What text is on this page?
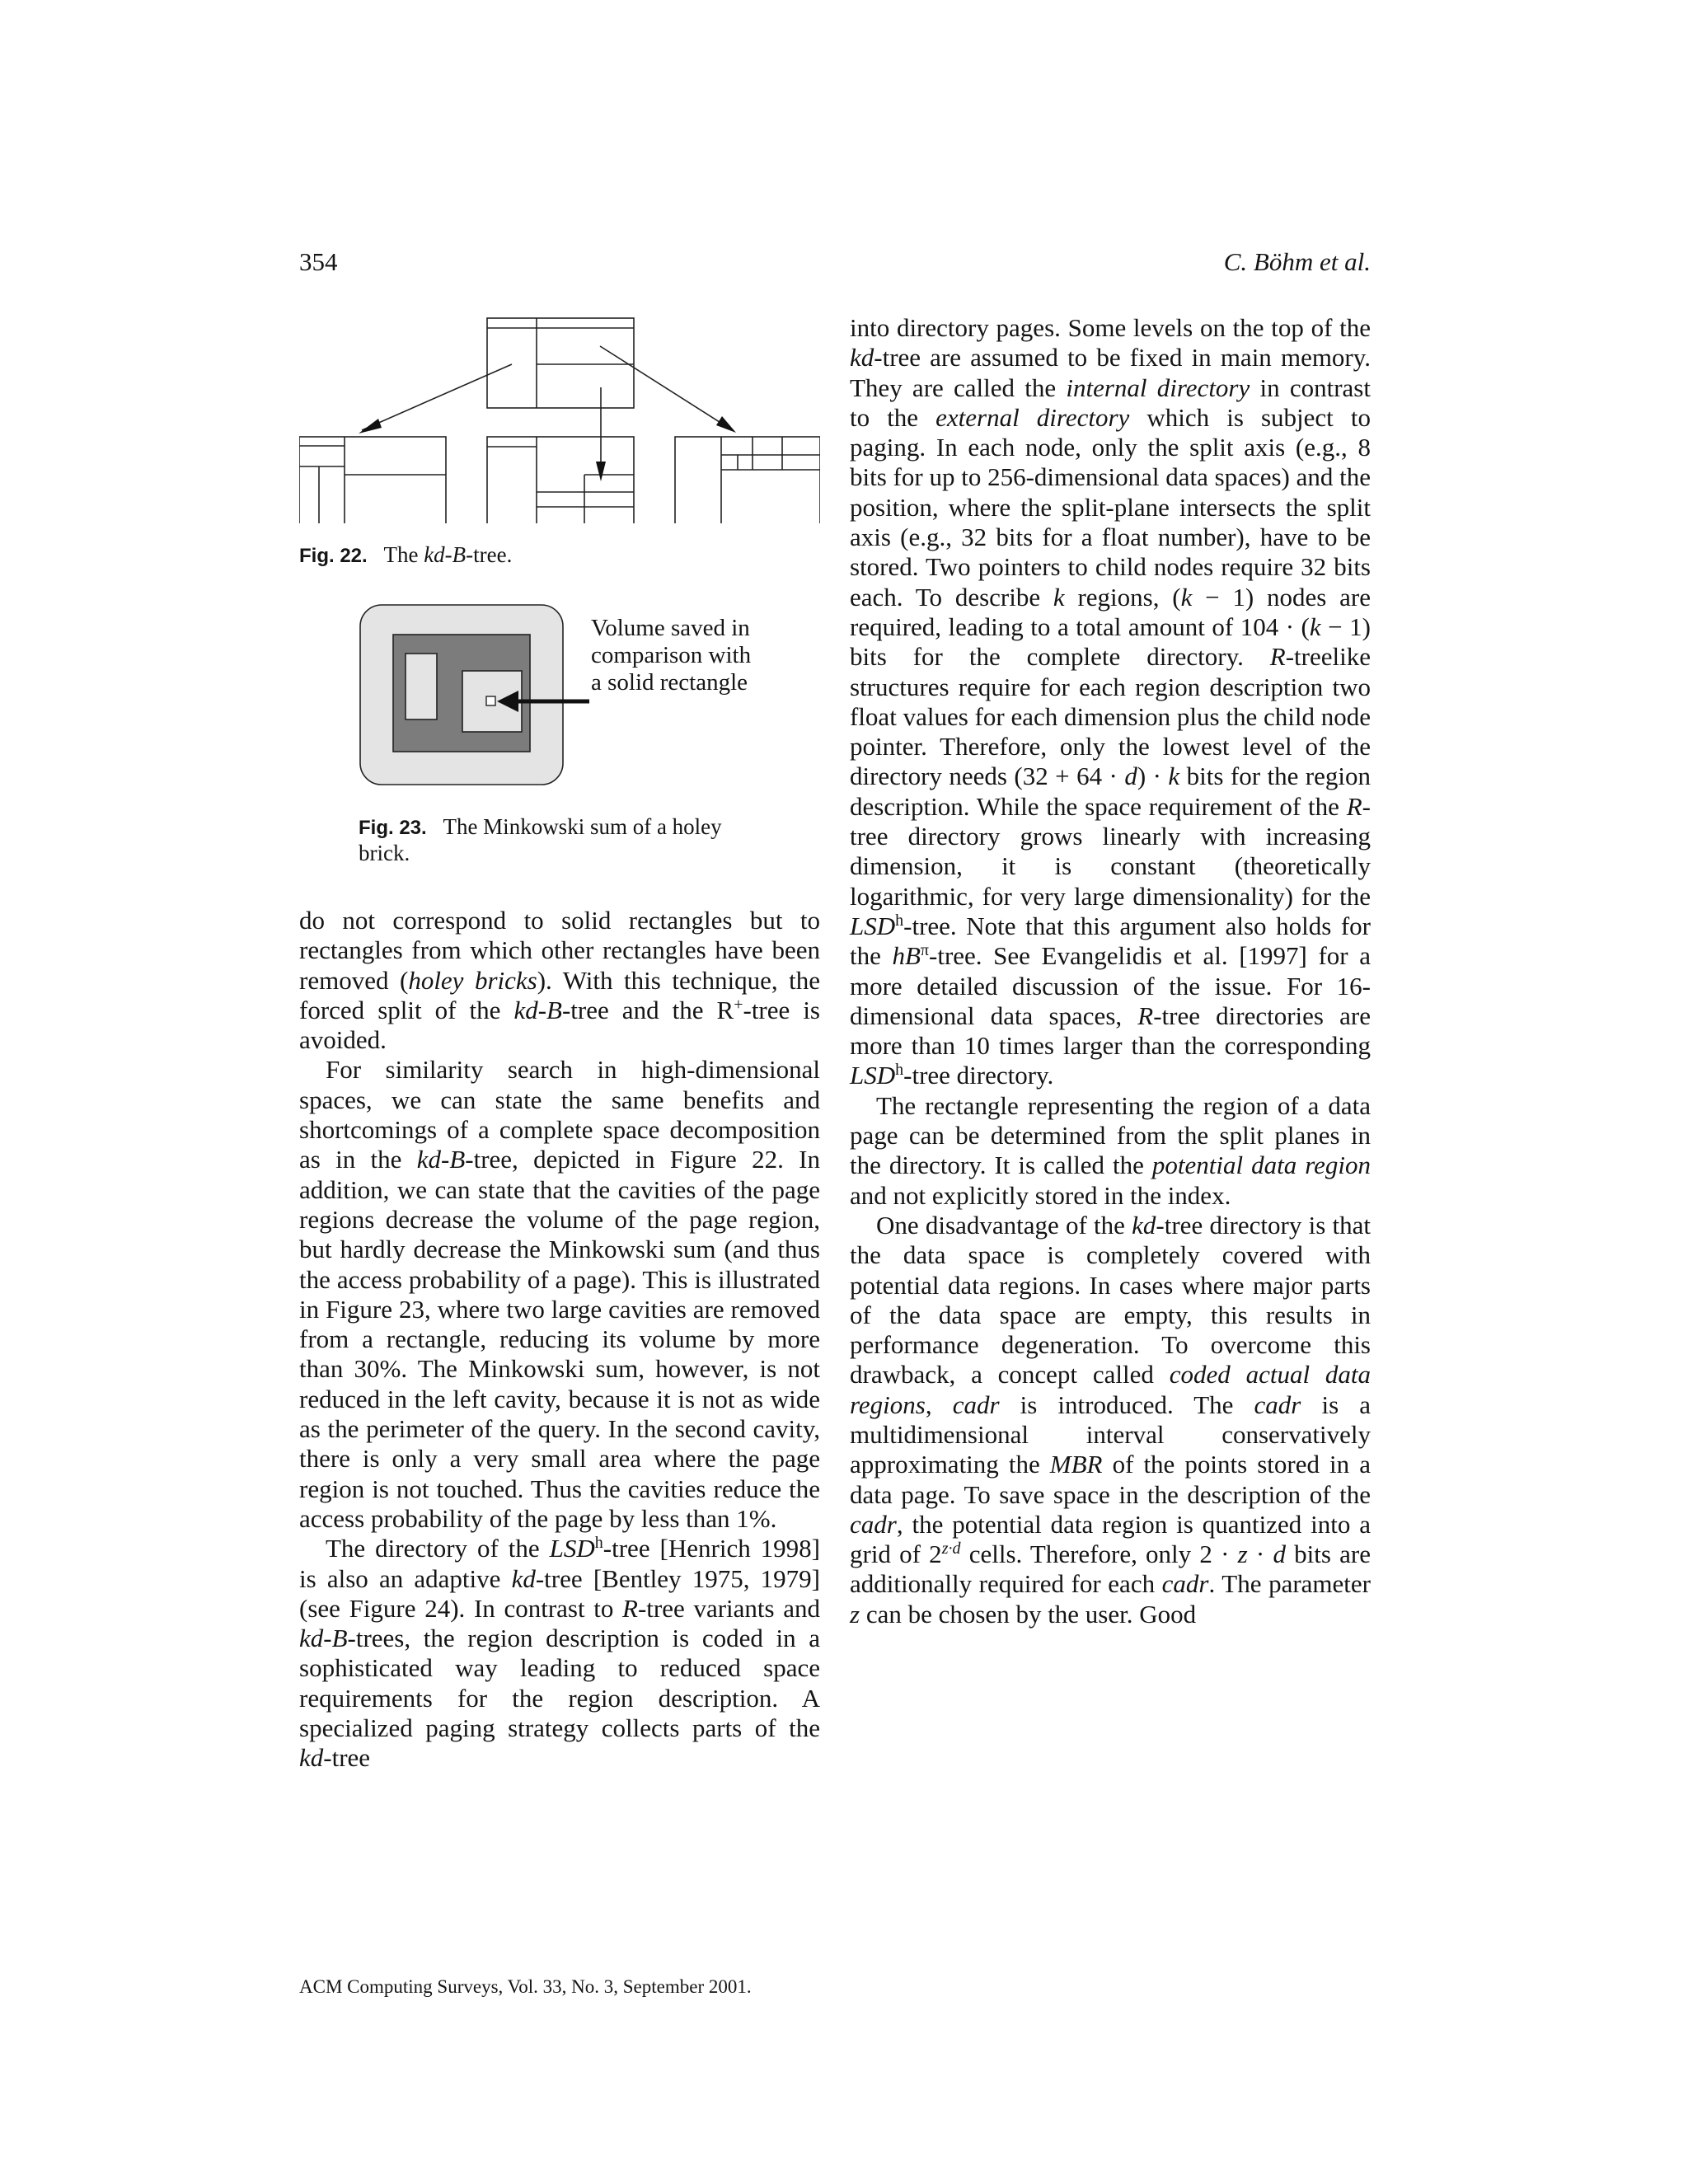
354	C. Böhm et al.
Fig. 22. The kd-B-tree.
Volume saved in
comparison with
a solid rectangle
Fig. 23. The Minkowski sum of a holey brick.

do not correspond to solid rectangles but to rectangles from which other rectangles have been removed (holey bricks). With this technique, the forced split of the kd-B-tree and the R+-tree is avoided.

For similarity search in high-dimensional spaces, we can state the same benefits and shortcomings of a complete space decomposition as in the kd-B-tree, depicted in Figure 22. In addition, we can state that the cavities of the page regions decrease the volume of the page region, but hardly decrease the Minkowski sum (and thus the access probability of a page). This is illustrated in Figure 23, where two large cavities are removed from a rectangle, reducing its volume by more than 30%. The Minkowski sum, however, is not reduced in the left cavity, because it is not as wide as the perimeter of the query. In the second cavity, there is only a very small area where the page region is not touched. Thus the cavities reduce the access probability of the page by less than 1%.

The directory of the LSD$^h$-tree [Henrich 1998] is also an adaptive kd-tree [Bentley 1975, 1979] (see Figure 24). In contrast to R-tree variants and kd-B-trees, the region description is coded in a sophisticated way leading to reduced space requirements for the region description. A specialized paging strategy collects parts of the kd-tree

into directory pages. Some levels on the top of the kd-tree are assumed to be fixed in main memory. They are called the internal directory in contrast to the external directory which is subject to paging. In each node, only the split axis (e.g., 8 bits for up to 256-dimensional data spaces) and the position, where the split-plane intersects the split axis (e.g., 32 bits for a float number), have to be stored. Two pointers to child nodes require 32 bits each. To describe k regions, (k − 1) nodes are required, leading to a total amount of 104 · (k − 1) bits for the complete directory. R-treelike structures require for each region description two float values for each dimension plus the child node pointer. Therefore, only the lowest level of the directory needs (32 + 64 · d) · k bits for the region description. While the space requirement of the R-tree directory grows linearly with increasing dimension, it is constant (theoretically logarithmic, for very large dimensionality) for the LSD$^h$-tree. Note that this argument also holds for the $hB^\pi$-tree. See Evangelidis et al. [1997] for a more detailed discussion of the issue. For 16-dimensional data spaces, R-tree directories are more than 10 times larger than the corresponding LSD$^h$-tree directory.

The rectangle representing the region of a data page can be determined from the split planes in the directory. It is called the potential data region and not explicitly stored in the index.

One disadvantage of the kd-tree directory is that the data space is completely covered with potential data regions. In cases where major parts of the data space are empty, this results in performance degeneration. To overcome this drawback, a concept called coded actual data regions, cadr is introduced. The cadr is a multidimensional interval conservatively approximating the MBR of the points stored in a data page. To save space in the description of the cadr, the potential data region is quantized into a grid of $2^{z\cdot d}$ cells. Therefore, only 2 · z · d bits are additionally required for each cadr. The parameter z can be chosen by the user. Good

ACM Computing Surveys, Vol. 33, No. 3, September 2001.
